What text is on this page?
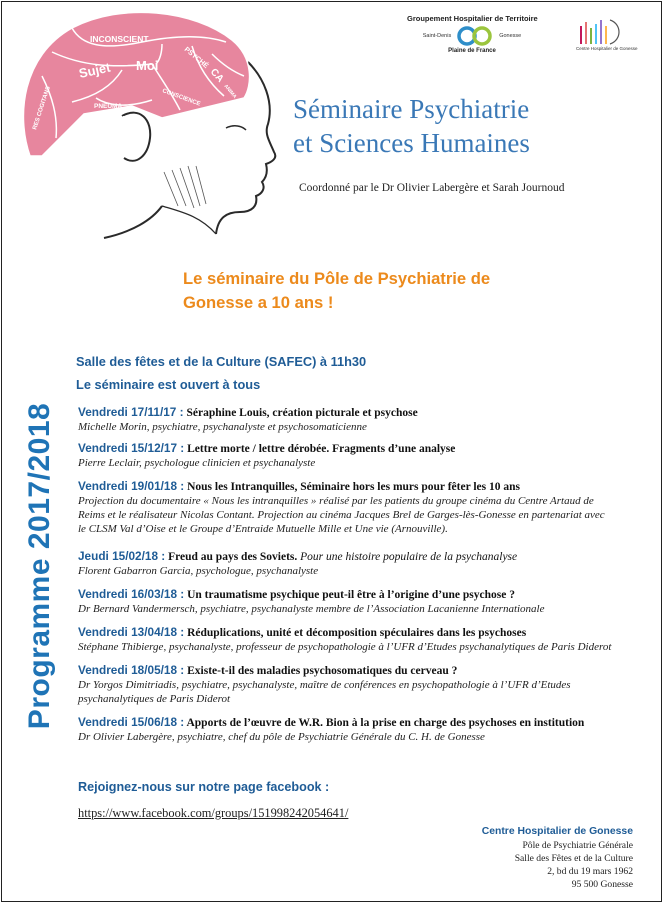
INCONSCIENT
Sujet Moi	PSYCHÉ
CA
RES COGITANS	PNEUMA	CONSCIENCE	ANIMA
SENSIBLE
Groupement Hospitalier de Territoire
Saint-Denis	Gonesse
Plaine de France	Centre Hospitalier de Gonesse
Séminaire Psychiatrie
et Sciences Humaines
Coordonné par le Dr Olivier Labergère et Sarah Journoud
Le séminaire du Pôle de Psychiatrie de
Gonesse a 10 ans !
Programme 2017/2018
Salle des fêtes et de la Culture (SAFEC) à 11h30
Le séminaire est ouvert à tous
Vendredi 17/11/17 : Séraphine Louis, création picturale et psychose
Michelle Morin, psychiatre, psychanalyste et psychosomaticienne
Vendredi 15/12/17 : Lettre morte / lettre dérobée. Fragments d’une analyse
Pierre Leclair, psychologue clinicien et psychanalyste
Vendredi 19/01/18 : Nous les Intranquilles, Séminaire hors les murs pour fêter les 10 ans
Projection du documentaire « Nous les intranquilles » réalisé par les patients du groupe cinéma du Centre Artaud de
Reims et le réalisateur Nicolas Contant. Projection au cinéma Jacques Brel de Garges-lès-Gonesse en partenariat avec
le CLSM Val d’Oise et le Groupe d’Entraide Mutuelle Mille et Une vie (Arnouville).
Jeudi 15/02/18 : Freud au pays des Soviets. Pour une histoire populaire de la psychanalyse
Florent Gabarron Garcia, psychologue, psychanalyste
Vendredi 16/03/18 : Un traumatisme psychique peut-il être à l’origine d’une psychose ?
Dr Bernard Vandermersch, psychiatre, psychanalyste membre de l’Association Lacanienne Internationale
Vendredi 13/04/18 : Réduplications, unité et décomposition spéculaires dans les psychoses
Stéphane Thibierge, psychanalyste, professeur de psychopathologie à l’UFR d’Etudes psychanalytiques de Paris Diderot
Vendredi 18/05/18 : Existe-t-il des maladies psychosomatiques du cerveau ?
Dr Yorgos Dimitriadis, psychiatre, psychanalyste, maître de conférences en psychopathologie à l’UFR d’Etudes
psychanalytiques de Paris Diderot
Vendredi 15/06/18 : Apports de l’œuvre de W.R. Bion à la prise en charge des psychoses en institution
Dr Olivier Labergère, psychiatre, chef du pôle de Psychiatrie Générale du C. H. de Gonesse
Rejoignez-nous sur notre page facebook :
https://www.facebook.com/groups/151998242054641/
Centre Hospitalier de Gonesse
Pôle de Psychiatrie Générale
Salle des Fêtes et de la Culture
2, bd du 19 mars 1962
95 500 Gonesse
